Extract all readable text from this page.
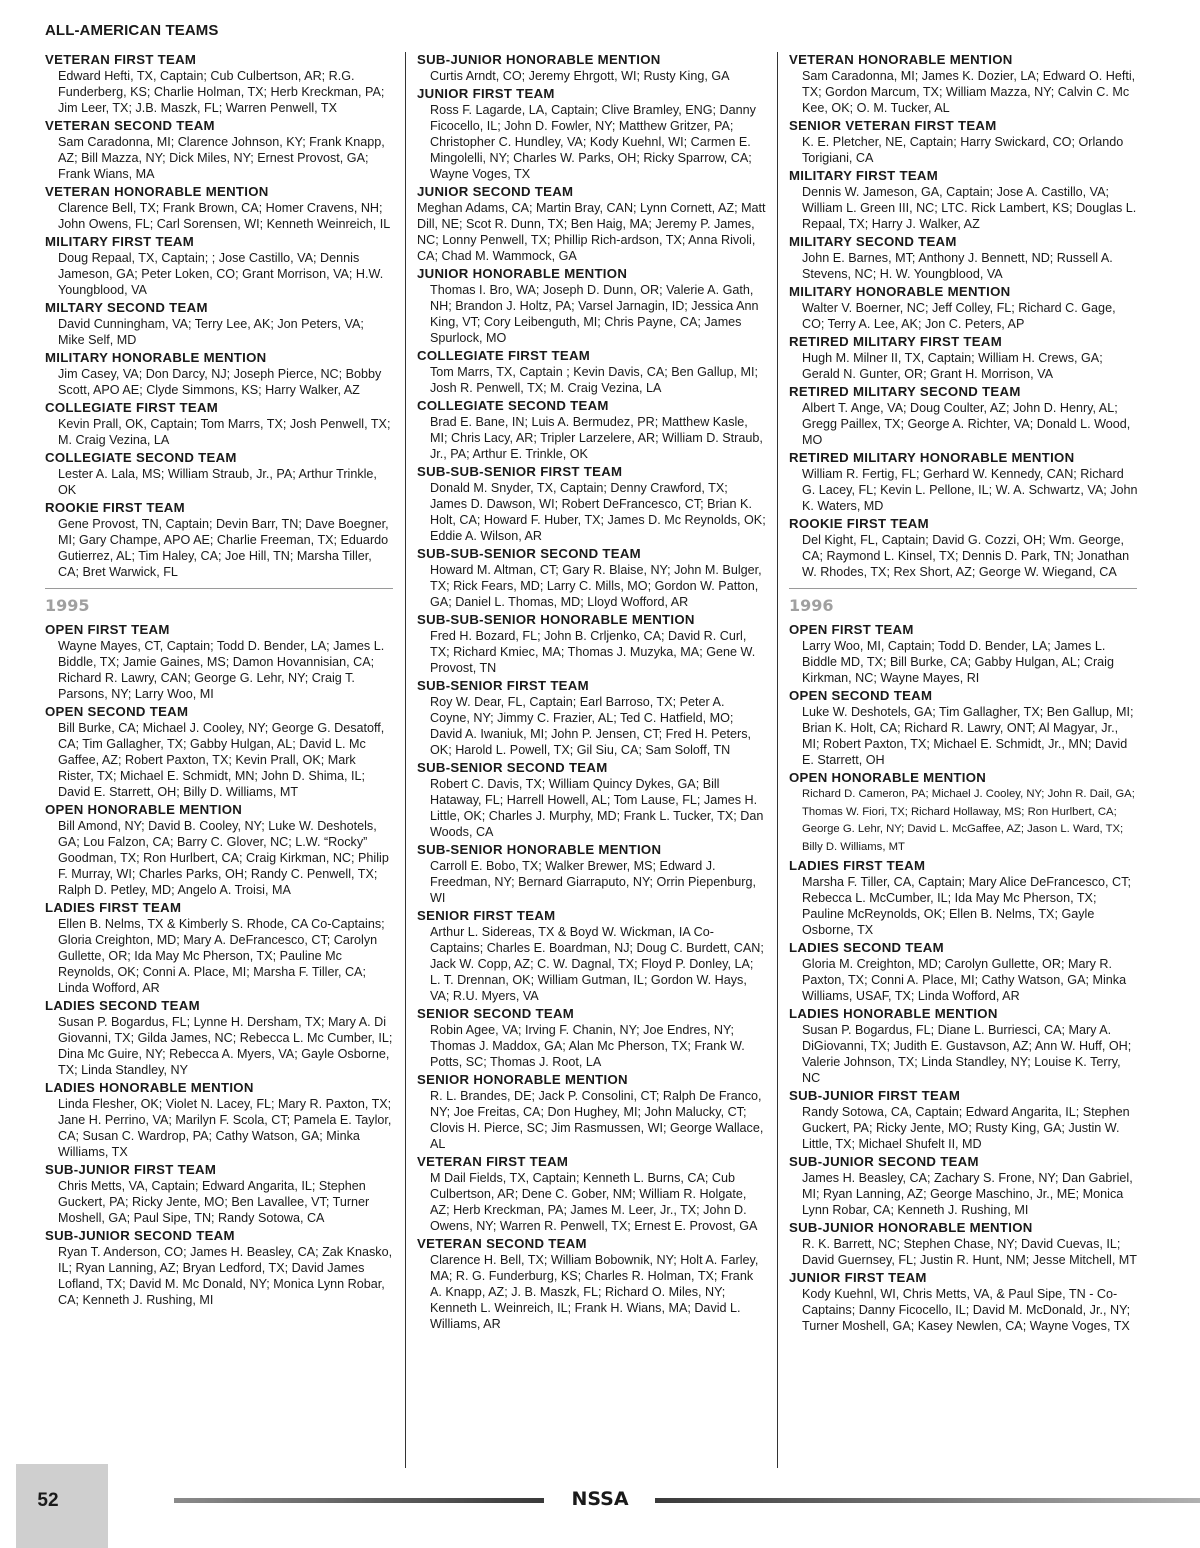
ALL-AMERICAN TEAMS
VETERAN FIRST TEAM
Edward Hefti, TX, Captain; Cub Culbertson, AR; R.G. Funderberg, KS; Charlie Holman, TX; Herb Kreckman, PA; Jim Leer, TX; J.B. Maszk, FL; Warren Penwell, TX
VETERAN SECOND TEAM
Sam Caradonna, MI; Clarence Johnson, KY; Frank Knapp, AZ; Bill Mazza, NY; Dick Miles, NY; Ernest Provost, GA; Frank Wians, MA
VETERAN HONORABLE MENTION
Clarence Bell, TX; Frank Brown, CA; Homer Cravens, NH; John Owens, FL; Carl Sorensen, WI; Kenneth Weinreich, IL
MILITARY FIRST TEAM
Doug Repaal, TX, Captain; ; Jose Castillo, VA; Dennis Jameson, GA; Peter Loken, CO; Grant Morrison, VA; H.W. Youngblood, VA
MILTARY SECOND TEAM
David Cunningham, VA; Terry Lee, AK; Jon Peters, VA; Mike Self, MD
MILITARY HONORABLE MENTION
Jim Casey, VA; Don Darcy, NJ; Joseph Pierce, NC; Bobby Scott, APO AE; Clyde Simmons, KS; Harry Walker, AZ
COLLEGIATE FIRST TEAM
Kevin Prall, OK, Captain; Tom Marrs, TX; Josh Penwell, TX; M. Craig Vezina, LA
COLLEGIATE SECOND TEAM
Lester A. Lala, MS; William Straub, Jr., PA; Arthur Trinkle, OK
ROOKIE FIRST TEAM
Gene Provost, TN, Captain; Devin Barr, TN; Dave Boegner, MI; Gary Champe, APO AE; Charlie Freeman, TX; Eduardo Gutierrez, AL; Tim Haley, CA; Joe Hill, TN; Marsha Tiller, CA; Bret Warwick, FL
1995
OPEN FIRST TEAM
Wayne Mayes, CT, Captain; Todd D. Bender, LA; James L. Biddle, TX; Jamie Gaines, MS; Damon Hovannisian, CA; Richard R. Lawry, CAN; George G. Lehr, NY; Craig T. Parsons, NY; Larry Woo, MI
OPEN SECOND TEAM
Bill Burke, CA; Michael J. Cooley, NY; George G. Desatoff, CA; Tim Gallagher, TX; Gabby Hulgan, AL; David L. Mc Gaffee, AZ; Robert Paxton, TX; Kevin Prall, OK; Mark Rister, TX; Michael E. Schmidt, MN; John D. Shima, IL; David E. Starrett, OH; Billy D. Williams, MT
OPEN HONORABLE MENTION
Bill Amond, NY; David B. Cooley, NY; Luke W. Deshotels, GA; Lou Falzon, CA; Barry C. Glover, NC; L.W. “Rocky” Goodman, TX; Ron Hurlbert, CA; Craig Kirkman, NC; Philip F. Murray, WI; Charles Parks, OH; Randy C. Penwell, TX; Ralph D. Petley, MD; Angelo A. Troisi, MA
LADIES FIRST TEAM
Ellen B. Nelms, TX & Kimberly S. Rhode, CA Co-Captains; Gloria Creighton, MD; Mary A. DeFrancesco, CT; Carolyn Gullette, OR; Ida May Mc Pherson, TX; Pauline Mc Reynolds, OK; Conni A. Place, MI; Marsha F. Tiller, CA; Linda Wofford, AR
LADIES SECOND TEAM
Susan P. Bogardus, FL; Lynne H. Dersham, TX; Mary A. Di Giovanni, TX; Gilda James, NC; Rebecca L. Mc Cumber, IL; Dina Mc Guire, NY; Rebecca A. Myers, VA; Gayle Osborne, TX; Linda Standley, NY
LADIES HONORABLE MENTION
Linda Flesher, OK; Violet N. Lacey, FL; Mary R. Paxton, TX; Jane H. Perrino, VA; Marilyn F. Scola, CT; Pamela E. Taylor, CA; Susan C. Wardrop, PA; Cathy Watson, GA; Minka Williams, TX
SUB-JUNIOR FIRST TEAM
Chris Metts, VA, Captain; Edward Angarita, IL; Stephen Guckert, PA; Ricky Jente, MO; Ben Lavallee, VT; Turner Moshell, GA; Paul Sipe, TN; Randy Sotowa, CA
SUB-JUNIOR SECOND TEAM
Ryan T. Anderson, CO; James H. Beasley, CA; Zak Knasko, IL; Ryan Lanning, AZ; Bryan Ledford, TX; David James Lofland, TX; David M. Mc Donald, NY; Monica Lynn Robar, CA; Kenneth J. Rushing, MI
SUB-JUNIOR HONORABLE MENTION
Curtis Arndt, CO; Jeremy Ehrgott, WI; Rusty King, GA
JUNIOR FIRST TEAM
Ross F. Lagarde, LA, Captain; Clive Bramley, ENG; Danny Ficocello, IL; John D. Fowler, NY; Matthew Gritzer, PA; Christopher C. Hundley, VA; Kody Kuehnl, WI; Carmen E. Mingolelli, NY; Charles W. Parks, OH; Ricky Sparrow, CA; Wayne Voges, TX
JUNIOR SECOND TEAM
Meghan Adams, CA; Martin Bray, CAN; Lynn Cornett, AZ; Matt Dill, NE; Scot R. Dunn, TX; Ben Haig, MA; Jeremy P. James, NC; Lonny Penwell, TX; Phillip Rich-ardson, TX; Anna Rivoli, CA; Chad M. Wammock, GA
JUNIOR HONORABLE MENTION
Thomas I. Bro, WA; Joseph D. Dunn, OR; Valerie A. Gath, NH; Brandon J. Holtz, PA; Varsel Jarnagin, ID; Jessica Ann King, VT; Cory Leibenguth, MI; Chris Payne, CA; James Spurlock, MO
COLLEGIATE FIRST TEAM
Tom Marrs, TX, Captain ; Kevin Davis, CA; Ben Gallup, MI; Josh R. Penwell, TX; M. Craig Vezina, LA
COLLEGIATE SECOND TEAM
Brad E. Bane, IN; Luis A. Bermudez, PR; Matthew Kasle, MI; Chris Lacy, AR; Tripler Larzelere, AR; William D. Straub, Jr., PA; Arthur E. Trinkle, OK
SUB-SUB-SENIOR FIRST TEAM
Donald M. Snyder, TX, Captain; Denny Crawford, TX; James D. Dawson, WI; Robert DeFrancesco, CT; Brian K. Holt, CA; Howard F. Huber, TX; James D. Mc Reynolds, OK; Eddie A. Wilson, AR
SUB-SUB-SENIOR SECOND TEAM
Howard M. Altman, CT; Gary R. Blaise, NY; John M. Bulger, TX; Rick Fears, MD; Larry C. Mills, MO; Gordon W. Patton, GA; Daniel L. Thomas, MD; Lloyd Wofford, AR
SUB-SUB-SENIOR HONORABLE MENTION
Fred H. Bozard, FL; John B. Crljenko, CA; David R. Curl, TX; Richard Kmiec, MA; Thomas J. Muzyka, MA; Gene W. Provost, TN
SUB-SENIOR FIRST TEAM
Roy W. Dear, FL, Captain; Earl Barroso, TX; Peter A. Coyne, NY; Jimmy C. Frazier, AL; Ted C. Hatfield, MO; David A. Iwaniuk, MI; John P. Jensen, CT; Fred H. Peters, OK; Harold L. Powell, TX; Gil Siu, CA; Sam Soloff, TN
SUB-SENIOR SECOND TEAM
Robert C. Davis, TX; William Quincy Dykes, GA; Bill Hataway, FL; Harrell Howell, AL; Tom Lause, FL; James H. Little, OK; Charles J. Murphy, MD; Frank L. Tucker, TX; Dan Woods, CA
SUB-SENIOR HONORABLE MENTION
Carroll E. Bobo, TX; Walker Brewer, MS; Edward J. Freedman, NY; Bernard Giarraputo, NY; Orrin Piepenburg, WI
SENIOR FIRST TEAM
Arthur L. Sidereas, TX & Boyd W. Wickman, IA Co-Captains; Charles E. Boardman, NJ; Doug C. Burdett, CAN; Jack W. Copp, AZ; C. W. Dagnal, TX; Floyd P. Donley, LA; L. T. Drennan, OK; William Gutman, IL; Gordon W. Hays, VA; R.U. Myers, VA
SENIOR SECOND TEAM
Robin Agee, VA; Irving F. Chanin, NY; Joe Endres, NY; Thomas J. Maddox, GA; Alan Mc Pherson, TX; Frank W. Potts, SC; Thomas J. Root, LA
SENIOR HONORABLE MENTION
R. L. Brandes, DE; Jack P. Consolini, CT; Ralph De Franco, NY; Joe Freitas, CA; Don Hughey, MI; John Malucky, CT; Clovis H. Pierce, SC; Jim Rasmussen, WI; George Wallace, AL
VETERAN FIRST TEAM
M Dail Fields, TX, Captain; Kenneth L. Burns, CA; Cub Culbertson, AR; Dene C. Gober, NM; William R. Holgate, AZ; Herb Kreckman, PA; James M. Leer, Jr., TX; John D. Owens, NY; Warren R. Penwell, TX; Ernest E. Provost, GA
VETERAN SECOND TEAM
Clarence H. Bell, TX; William Bobownik, NY; Holt A. Farley, MA; R. G. Funderburg, KS; Charles R. Holman, TX; Frank A. Knapp, AZ; J. B. Maszk, FL; Richard O. Miles, NY; Kenneth L. Weinreich, IL; Frank H. Wians, MA; David L. Williams, AR
VETERAN HONORABLE MENTION
Sam Caradonna, MI; James K. Dozier, LA; Edward O. Hefti, TX; Gordon Marcum, TX; William Mazza, NY; Calvin C. Mc Kee, OK; O. M. Tucker, AL
SENIOR VETERAN FIRST TEAM
K. E. Pletcher, NE, Captain; Harry Swickard, CO; Orlando Torigiani, CA
MILITARY FIRST TEAM
Dennis W. Jameson, GA, Captain; Jose A. Castillo, VA; William L. Green III, NC; LTC. Rick Lambert, KS; Douglas L. Repaal, TX; Harry J. Walker, AZ
MILITARY SECOND TEAM
John E. Barnes, MT; Anthony J. Bennett, ND; Russell A. Stevens, NC; H. W. Youngblood, VA
MILITARY HONORABLE MENTION
Walter V. Boerner, NC; Jeff Colley, FL; Richard C. Gage, CO; Terry A. Lee, AK; Jon C. Peters, AP
RETIRED MILITARY FIRST TEAM
Hugh M. Milner II, TX, Captain; William H. Crews, GA; Gerald N. Gunter, OR; Grant H. Morrison, VA
RETIRED MILITARY SECOND TEAM
Albert T. Ange, VA; Doug Coulter, AZ; John D. Henry, AL; Gregg Paillex, TX; George A. Richter, VA; Donald L. Wood, MO
RETIRED MILITARY HONORABLE MENTION
William R. Fertig, FL; Gerhard W. Kennedy, CAN; Richard G. Lacey, FL; Kevin L. Pellone, IL; W. A. Schwartz, VA; John K. Waters, MD
ROOKIE FIRST TEAM
Del Kight, FL, Captain; David G. Cozzi, OH; Wm. George, CA; Raymond L. Kinsel, TX; Dennis D. Park, TN; Jonathan W. Rhodes, TX; Rex Short, AZ; George W. Wiegand, CA
1996
OPEN FIRST TEAM
Larry Woo, MI, Captain; Todd D. Bender, LA; James L. Biddle MD, TX; Bill Burke, CA; Gabby Hulgan, AL; Craig Kirkman, NC; Wayne Mayes, RI
OPEN SECOND TEAM
Luke W. Deshotels, GA; Tim Gallagher, TX; Ben Gallup, MI; Brian K. Holt, CA; Richard R. Lawry, ONT; Al Magyar, Jr., MI; Robert Paxton, TX; Michael E. Schmidt, Jr., MN; David E. Starrett, OH
OPEN HONORABLE MENTION
Richard D. Cameron, PA; Michael J. Cooley, NY; John R. Dail, GA; Thomas W. Fiori, TX; Richard Hollaway, MS; Ron Hurlbert, CA; George G. Lehr, NY; David L. McGaffee, AZ; Jason L. Ward, TX; Billy D. Williams, MT
LADIES FIRST TEAM
Marsha F. Tiller, CA, Captain; Mary Alice DeFrancesco, CT; Rebecca L. McCumber, IL; Ida May Mc Pherson, TX; Pauline McReynolds, OK; Ellen B. Nelms, TX; Gayle Osborne, TX
LADIES SECOND TEAM
Gloria M. Creighton, MD; Carolyn Gullette, OR; Mary R. Paxton, TX; Conni A. Place, MI; Cathy Watson, GA; Minka Williams, USAF, TX; Linda Wofford, AR
LADIES HONORABLE MENTION
Susan P. Bogardus, FL; Diane L. Burriesci, CA; Mary A. DiGiovanni, TX; Judith E. Gustavson, AZ; Ann W. Huff, OH; Valerie Johnson, TX; Linda Standley, NY; Louise K. Terry, NC
SUB-JUNIOR FIRST TEAM
Randy Sotowa, CA, Captain; Edward Angarita, IL; Stephen Guckert, PA; Ricky Jente, MO; Rusty King, GA; Justin W. Little, TX; Michael Shufelt II, MD
SUB-JUNIOR SECOND TEAM
James H. Beasley, CA; Zachary S. Frone, NY; Dan Gabriel, MI; Ryan Lanning, AZ; George Maschino, Jr., ME; Monica Lynn Robar, CA; Kenneth J. Rushing, MI
SUB-JUNIOR HONORABLE MENTION
R. K. Barrett, NC; Stephen Chase, NY; David Cuevas, IL; David Guernsey, FL; Justin R. Hunt, NM; Jesse Mitchell, MT
JUNIOR FIRST TEAM
Kody Kuehnl, WI, Chris Metts, VA, & Paul Sipe, TN - Co-Captains; Danny Ficocello, IL; David M. McDonald, Jr., NY; Turner Moshell, GA; Kasey Newlen, CA; Wayne Voges, TX
52	NSSA
